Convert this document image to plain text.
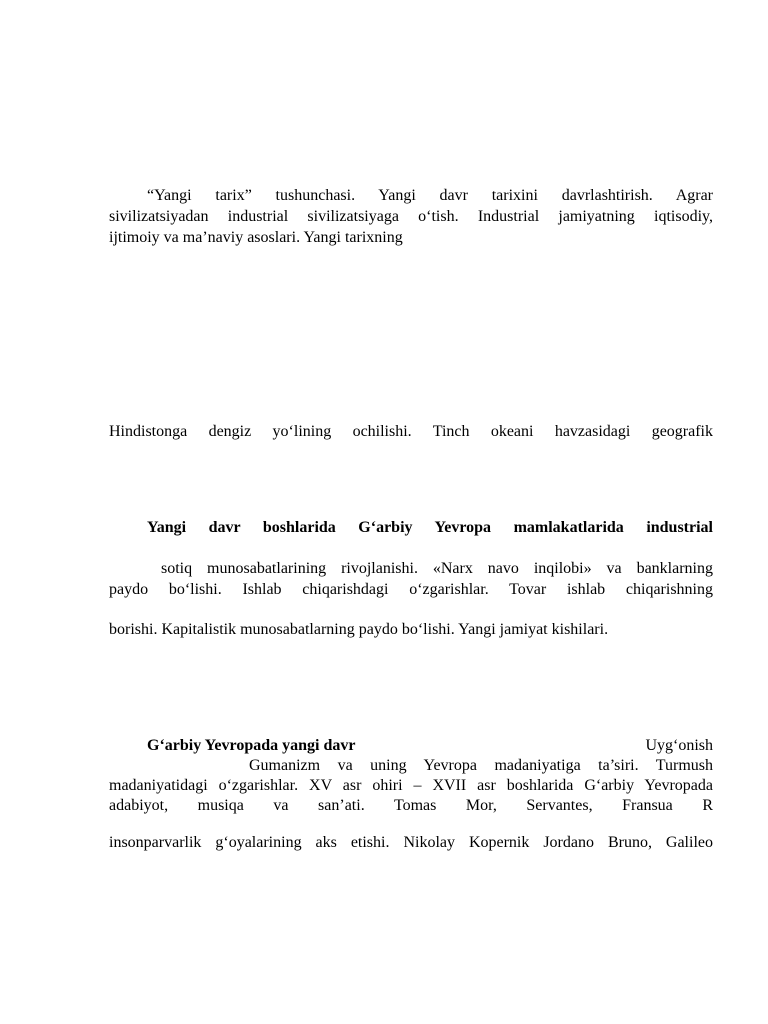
“Yangi tarix” tushunchasi. Yangi davr tarixini davrlashtirish. Agrar
sivilizatsiyadan industrial sivilizatsiyaga o‘tish. Industrial jamiyatning iqtisodiy,
ijtimoiy va ma’naviy asoslari. Yangi tarixning
Hindistonga dengiz yo‘lining ochilishi. Tinch okeani havzasidagi geografik
Yangi davr boshlarida G‘arbiy Yevropa mamlakatlarida industrial
sotiq munosabatlarining rivojlanishi. «Narx navo inqilobi» va banklarning
paydo bo‘lishi. Ishlab chiqarishdagi o‘zgarishlar. Tovar ishlab chiqarishning
borishi. Kapitalistik munosabatlarning paydo bo‘lishi. Yangi jamiyat kishilari.
G‘arbiy Yevropada yangi davr	Uyg‘onish
Gumanizm va uning Yevropa madaniyatiga ta’siri. Turmush
madaniyatidagi o‘zgarishlar. XV asr ohiri – XVII asr boshlarida G‘arbiy Yevropada
adabiyot, musiqa va san’ati. Tomas Mor, Servantes, Fransua R
insonparvarlik g‘oyalarining aks etishi. Nikolay Kopernik Jordano Bruno, Galileo
